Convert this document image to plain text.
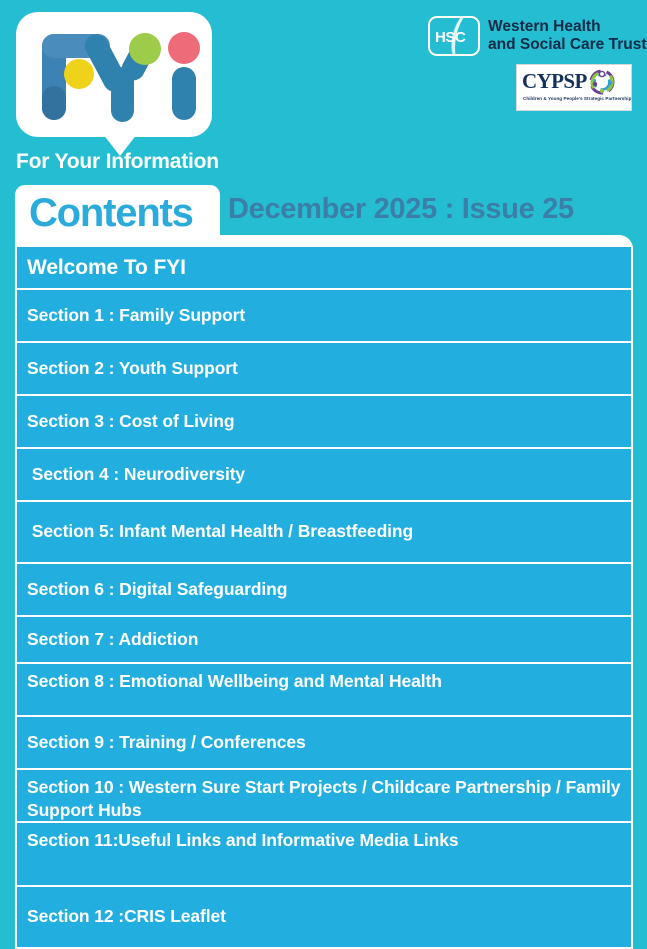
For Your Information
HSC
Western Health
and Social Care Trust
CYPSP
Children & Young People's Strategic Partnership
Contents December 2025 : Issue 25
Welcome To FYI
Section 1 : Family Support
Section 2 : Youth Support
Section 3 : Cost of Living
Section 4 : Neurodiversity
Section 5: Infant Mental Health / Breastfeeding
Section 6 : Digital Safeguarding
Section 7 : Addiction
Section 8 : Emotional Wellbeing and Mental Health
Section 9 : Training / Conferences
Section 10 : Western Sure Start Projects / Childcare Partnership / Family Support Hubs
Section 11:Useful Links and Informative Media Links
Section 12 :CRIS Leaflet
